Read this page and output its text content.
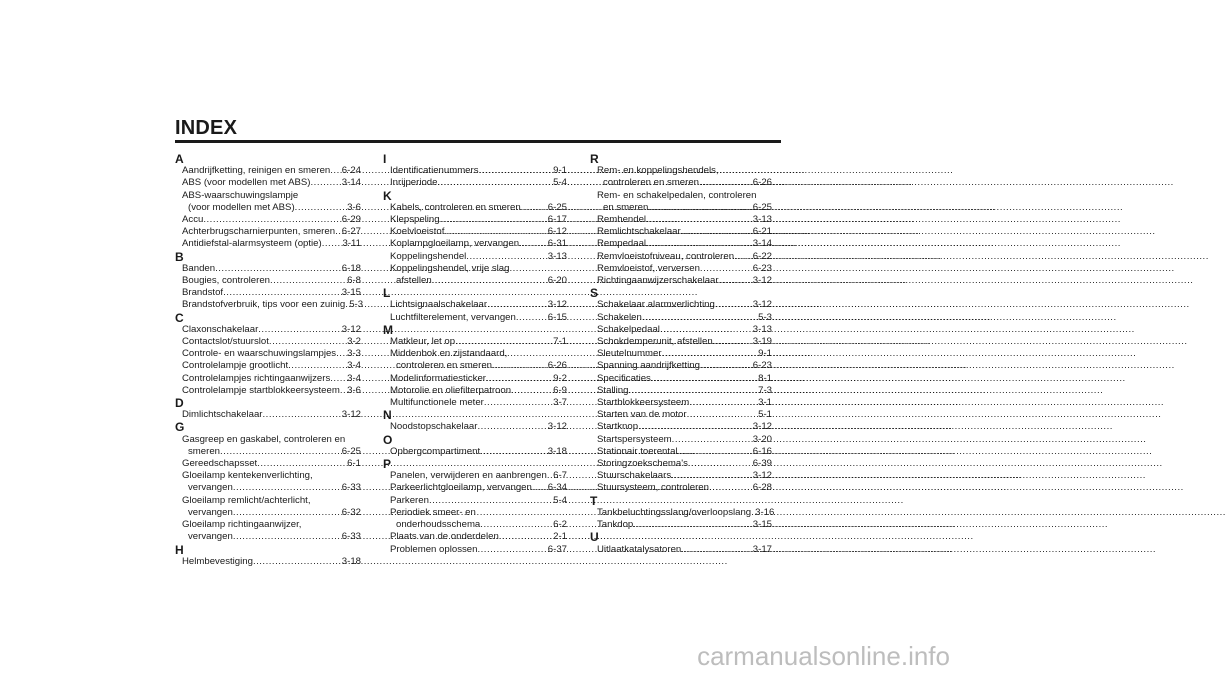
INDEX
A
Aandrijfketting, reinigen en smeren ..... 6-24
ABS (voor modellen met ABS) .....	3-14
ABS-waarschuwingslampje
(voor modellen met ABS) .....	3-6
Accu .....	6-29
Achterbrugscharnierpunten, smeren ..... 6-27
Antidiefstal-alarmsysteem (optie) ..... 3-11
B
Banden .....	6-18
Bougies, controleren .....	6-8
Brandstof .....	3-15
Brandstofverbruik, tips voor een zuinig ..... 5-3
C
Claxonschakelaar .....	3-12
Contactslot/stuurslot .....	3-2
Controle- en waarschuwingslampjes ..... 3-3
Controlelampje grootlicht .....	3-4
Controlelampjes richtingaanwijzers ..... 3-4
Controlelampje startblokkeersysteem ..... 3-6
D
Dimlichtschakelaar .....	3-12
G
Gasgreep en gaskabel, controleren en
smeren .....	6-25
Gereedschapsset .....	6-1
Gloeilamp kentekenverlichting,
vervangen .....	6-33
Gloeilamp remlicht/achterlicht,
vervangen .....	6-32
Gloeilamp richtingaanwijzer,
vervangen .....	6-33
H
Helmbevestiging .....	3-18
I
Identificatienummers .....	9-1
Inrijperiode .....	5-4
K
Kabels, controleren en smeren .....	6-25
Klepspeling .....	6-17
Koelvloeistof .....	6-12
Koplampgloeilamp, vervangen .....	6-31
Koppelingshendel .....	3-13
Koppelingshendel, vrije slag
afstellen .....	6-20
L
Lichtsignaalschakelaar .....	3-12
Luchtfilterelement, vervangen .....	6-15
M
Matkleur, let op .....	7-1
Middenbok en zijstandaard,
controleren en smeren .....	6-26
Modelinformatiesticker .....	9-2
Motorolie en oliefilterpatroon .....	6-9
Multifunctionele meter .....	3-7
N
Noodstopschakelaar .....	3-12
O
Opbergcompartiment .....	3-18
P
Panelen, verwijderen en aanbrengen ..... 6-7
Parkeerlichtgloeilamp, vervangen ..... 6-34
Parkeren .....	5-4
Periodiek smeer- en
onderhoudsschema .....	6-2
Plaats van de onderdelen .....	2-1
Problemen oplossen .....	6-37
R
Rem- en koppelingshendels,
controleren en smeren .....	6-26
Rem- en schakelpedalen, controleren
en smeren .....	6-25
Remhendel .....	3-13
Remlichtschakelaar .....	6-21
Rempedaal .....	3-14
Remvloeistofniveau, controleren ..... 6-22
Remvloeistof, verversen .....	6-23
Richtingaanwijzerschakelaar .....	3-12
S
Schakelaar alarmverlichting .....	3-12
Schakelen .....	5-3
Schakelpedaal .....	3-13
Schokdemperunit, afstellen .....	3-19
Sleutelnummer .....	9-1
Spanning aandrijfketting .....	6-23
Specificaties .....	8-1
Stalling .....	7-3
Startblokkeersysteem .....	3-1
Starten van de motor .....	5-1
Startknop .....	3-12
Startspersysteem .....	3-20
Stationair toerental .....	6-16
Storingzoekschema's .....	6-39
Stuurschakelaars .....	3-12
Stuursysteem, controleren .....	6-28
T
Tankbeluchtingsslang/overloopslang ..... 3-16
Tankdop .....	3-15
U
Uitlaatkatalysatoren .....	3-17
carmanualsonline.info
